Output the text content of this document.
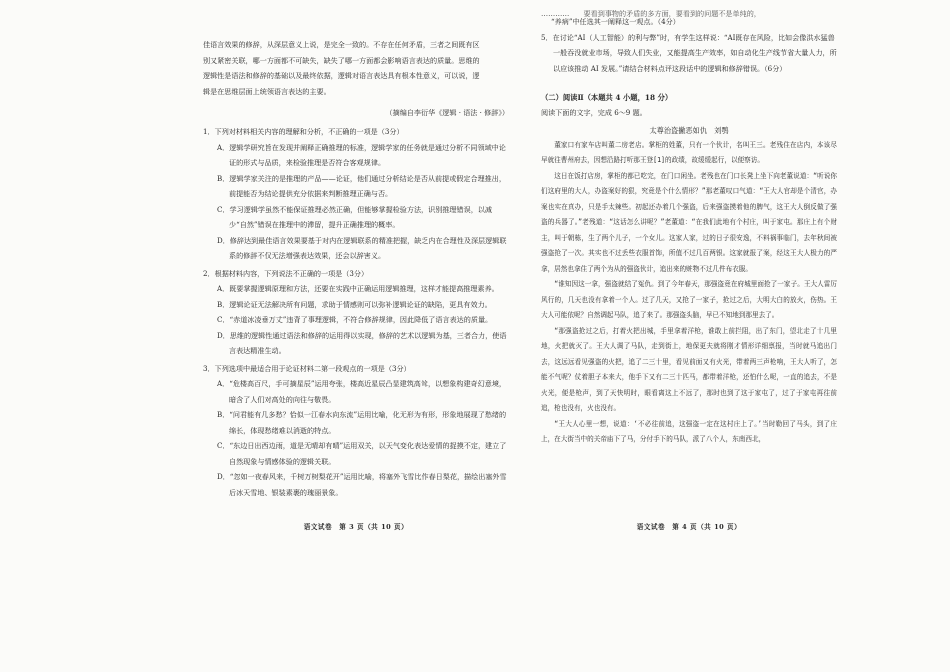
佳语言效果的修辞，从深层意义上说，是完全一致的。不存在任何矛盾，三者之间既有区

别又紧密关联，哪一方面都不可缺失，缺失了哪一方面都会影响语言表达的质量。思维的

逻辑性是语法和修辞的基础以及最终依据，逻辑对语言表达具有根本性意义，可以说，逻

辑是在思维层面上统领语言表达的主要。

（摘编自李衍华《逻辑 · 语法 · 修辞》）

1．下列对材料相关内容的理解和分析，不正确的一项是（3分）

A．逻辑学研究旨在发现并阐释正确推理的标准，逻辑学家的任务就是通过分析不同领域中论证的形式与品质，来检验推理是否符合客观规律。

B．逻辑学家关注的是推理的产品——论证，他们通过分析结论是否从前提或假定合理推出，前提能否为结论提供充分依据来判断推理正确与否。

C．学习逻辑学虽然不能保证推理必然正确，但能够掌握检验方法，识别推理错误，以减少“自然”错误在推理中的滞留，提升正确推理的概率。

D．修辞达到最佳语言效果要基于对内在逻辑联系的精准把握，缺乏内在合理性及深层逻辑联系的修辞不仅无法增强表达效果，还会以辞害义。

2．根据材料内容，下列说法不正确的一项是（3分）

A．既要掌握逻辑原理和方法，还要在实践中正确运用逻辑推理，这样才能提高推理素养。

B．逻辑论证无法解决所有问题，求助于情感则可以弥补逻辑论证的缺陷，更具有效力。

C．“赤道冰凌垂万丈”违背了事理逻辑，不符合修辞规律，因此降低了语言表达的质量。

D．思维的逻辑性通过语法和修辞的运用得以实现，修辞的艺术以逻辑为基，三者合力，使语言表达精准生动。

3．下列选项中最适合用于论证材料二第一段观点的一项是（3分）

A．“危楼高百尺，手可摘星辰”运用夸张，楼高近星辰凸显建筑高耸，以想象构建奇幻意境，暗含了人们对高处的向往与敬畏。

B．“问君能有几多愁？恰似一江春水向东流”运用比喻，化无形为有形，形象地展现了愁绪的绵长，体现愁绪难以消逝的特点。

C．“东边日出西边雨，道是无晴却有晴”运用双关，以天气变化表达爱情的捉摸不定，建立了自然现象与情感体验的逻辑关联。

D．“忽如一夜春风来，千树万树梨花开”运用比喻，将塞外飞雪比作春日梨花，描绘出塞外雪后冰天雪地、银装素裹的瑰丽景象。

语文试卷　第 3 页（共 10 页）

…………　　要看到事物的矛盾的多方面，要看到的问题不是单纯的，

“养病”中任选其一阐释这一观点。（4分）

5．在讨论“AI（人工智能）的利与弊”时，有学生这样说：“AI既存在风险，比如会像洪水猛兽一般吞没就业市场，导致人们失业，又能提高生产效率，如自动化生产线节省大量人力，所以应该推动 AI 发展。”请结合材料点评这段话中的逻辑和修辞错误。（6分）

（二）阅读Ⅱ（本题共 4 小题，18 分）

阅读下面的文字，完成 6～9 题。

太尊治盗撇恶如仇　刘鹗

董家口有家车店叫董二房老店。掌柜的姓董，只有一个伙计，名叫王三。老残住在店内，本该尽早就往曹州府去，因想沿路打听那王登[1]的政绩，故缓缓起行，以便察访。

这日在饭打店房，掌柜的都已吃完，在门口闲坐。老残也在门口长凳上坐下向老董说道：“听说你们这府里的大人，办盗案好的狠，究竟是个什么情形？”那老董叹口气道：“王大人官却是个清官，办案也实在真办，只是手太辣些。初起还办着几个强盗，后来强盗摸着他的脾气，这王大人倒反做了强盗的兵器了。”老残道：“这话怎么讲呢？”老董道：“在我们此地有个村庄，叫于家屯。那庄上有个财主，叫于朝栋，生了两个儿子，一个女儿。这家人家，过的日子很安逸，不料祸事临门，去年秋间被强盗抢了一次。其实也不过丢些衣服首饰，所值不过几百两银。这家就报了案，经这王大人极力的严拿，居然也拿住了两个为从的强盗伙计，追出来的赃物不过几件布衣服。

“谁知因这一拿，强盗就结了冤仇。到了今年春天，那强盗竟在府城里面抢了一家子。王大人雷厉风行的，几天也没有拿着一个人。过了几天，又抢了一家子，抢过之后，大明大白的放火，伤热。王大人可能依呢？自然调起马队，追了来了。那强盗头脑，早已不知地到那里去了。

“那强盗抢过之后，打着火把出城，手里拿着洋枪，谁敢上前拦阻，出了东门，望北走了十几里地，火把就灭了。王大人调了马队，走到街上，地保更夫就将刚才情形详细禀报，当时就马追出门去，这远远看见强盗的火把，追了二三十里，看见前面又有火光，带着两三声枪响，王大人听了，怎能不气呢？仗着胆子本来大，他手下又有二三十匹马，都带着洋枪，还怕什么呢，一直的追去，不是火光，便是枪声，到了天快明时，眼看离这上不远了，那时也到了这于家屯了，过了于家屯再往前追，枪也没有，火也没有。

“王大人心里一想，说道：‘不必往前追，这强盗一定在这村庄上了。’当时勒回了马头，到了庄上，在大街当中的关帝庙下了马，分付手下的马队，派了八个人，东南西北，

语文试卷　第 4 页（共 10 页）
